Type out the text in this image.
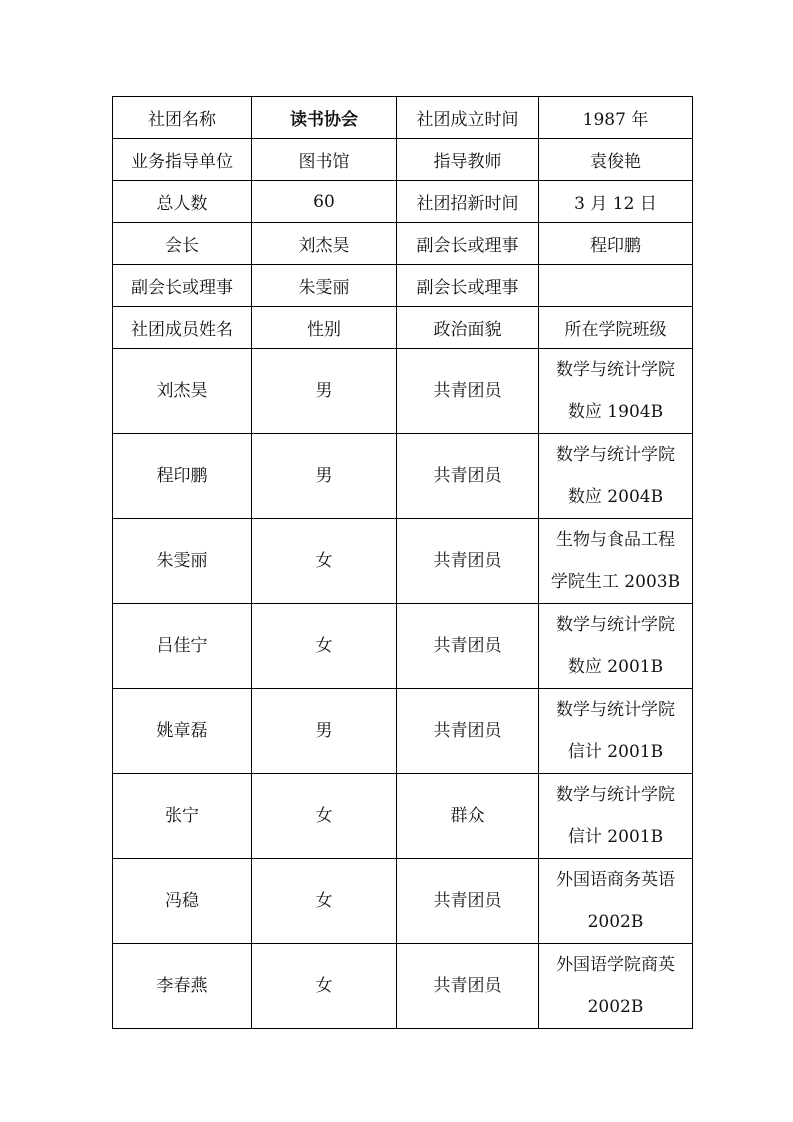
社团名称	读书协会	社团成立时间	1987 年
业务指导单位	图书馆	指导教师	袁俊艳
总人数	60	社团招新时间	3 月 12 日
会长	刘杰昊	副会长或理事	程印鹏
副会长或理事	朱雯丽	副会长或理事	
社团成员姓名	性别	政治面貌	所在学院班级
刘杰昊	男	共青团员	数学与统计学院
数应 1904B
程印鹏	男	共青团员	数学与统计学院
数应 2004B
朱雯丽	女	共青团员	生物与食品工程
学院生工 2003B
吕佳宁	女	共青团员	数学与统计学院
数应 2001B
姚章磊	男	共青团员	数学与统计学院
信计 2001B
张宁	女	群众	数学与统计学院
信计 2001B
冯稳	女	共青团员	外国语商务英语
2002B
李春燕	女	共青团员	外国语学院商英
2002B
